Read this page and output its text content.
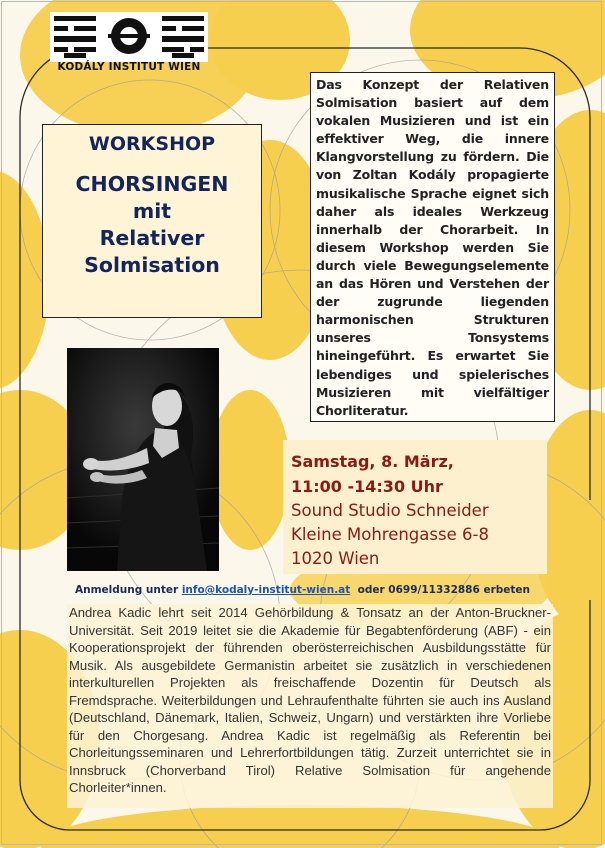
KODÁLY INSTITUT WIEN
WORKSHOP
CHORSINGEN
mit
Relativer
Solmisation

Das Konzept der Relativen Solmisation basiert auf dem vokalen Musizieren und ist ein effektiver Weg, die innere Klangvorstellung zu fördern. Die von Zoltan Kodály propagierte musikalische Sprache eignet sich daher als ideales Werkzeug innerhalb der Chorarbeit. In diesem Workshop werden Sie durch viele Bewegungselemente an das Hören und Verstehen der der zugrunde liegenden harmonischen Strukturen unseres Tonsystems hineingeführt. Es erwartet Sie lebendiges und spielerisches Musizieren mit vielfältiger Chorliteratur.

Samstag, 8. März,
11:00 -14:30 Uhr
Sound Studio Schneider
Kleine Mohrengasse 6-8
1020 Wien
Anmeldung unter info@kodaly-institut-wien.at  oder 0699/11332886 erbeten

Andrea Kadic lehrt seit 2014 Gehörbildung & Tonsatz an der Anton-Bruckner-Universität. Seit 2019 leitet sie die Akademie für Begabtenförderung (ABF) - ein Kooperationsprojekt der führenden oberösterreichischen Ausbildungsstätte für Musik. Als ausgebildete Germanistin arbeitet sie zusätzlich in verschiedenen interkulturellen Projekten als freischaffende Dozentin für Deutsch als Fremdsprache. Weiterbildungen und Lehraufenthalte führten sie auch ins Ausland (Deutschland, Dänemark, Italien, Schweiz, Ungarn) und verstärkten ihre Vorliebe für den Chorgesang. Andrea Kadic ist regelmäßig als Referentin bei Chorleitungsseminaren und Lehrerfortbildungen tätig. Zurzeit unterrichtet sie in Innsbruck (Chorverband Tirol) Relative Solmisation für angehende Chorleiter*innen.
